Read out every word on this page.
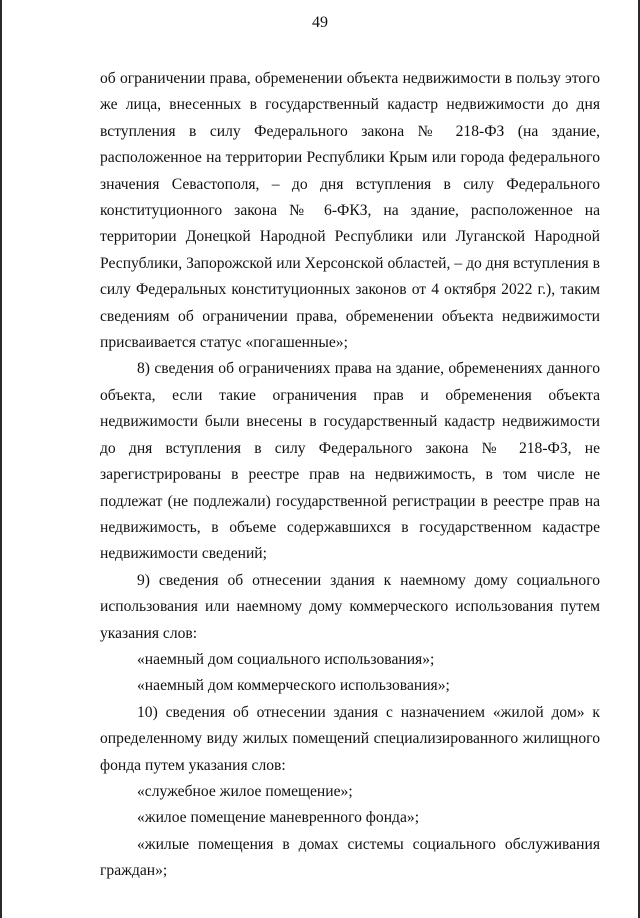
49

об ограничении права, обременении объекта недвижимости в пользу этого же лица, внесенных в государственный кадастр недвижимости до дня вступления в силу Федерального закона № 218-ФЗ (на здание, расположенное на территории Республики Крым или города федерального значения Севастополя, – до дня вступления в силу Федерального конституционного закона № 6-ФКЗ, на здание, расположенное на территории Донецкой Народной Республики или Луганской Народной Республики, Запорожской или Херсонской областей, – до дня вступления в силу Федеральных конституционных законов от 4 октября 2022 г.), таким сведениям об ограничении права, обременении объекта недвижимости присваивается статус «погашенные»;

8) сведения об ограничениях права на здание, обременениях данного объекта, если такие ограничения прав и обременения объекта недвижимости были внесены в государственный кадастр недвижимости до дня вступления в силу Федерального закона № 218-ФЗ, не зарегистрированы в реестре прав на недвижимость, в том числе не подлежат (не подлежали) государственной регистрации в реестре прав на недвижимость, в объеме содержавшихся в государственном кадастре недвижимости сведений;

9) сведения об отнесении здания к наемному дому социального использования или наемному дому коммерческого использования путем указания слов:

«наемный дом социального использования»;

«наемный дом коммерческого использования»;

10) сведения об отнесении здания с назначением «жилой дом» к определенному виду жилых помещений специализированного жилищного фонда путем указания слов:

«служебное жилое помещение»;

«жилое помещение маневренного фонда»;

«жилые помещения в домах системы социального обслуживания граждан»;
